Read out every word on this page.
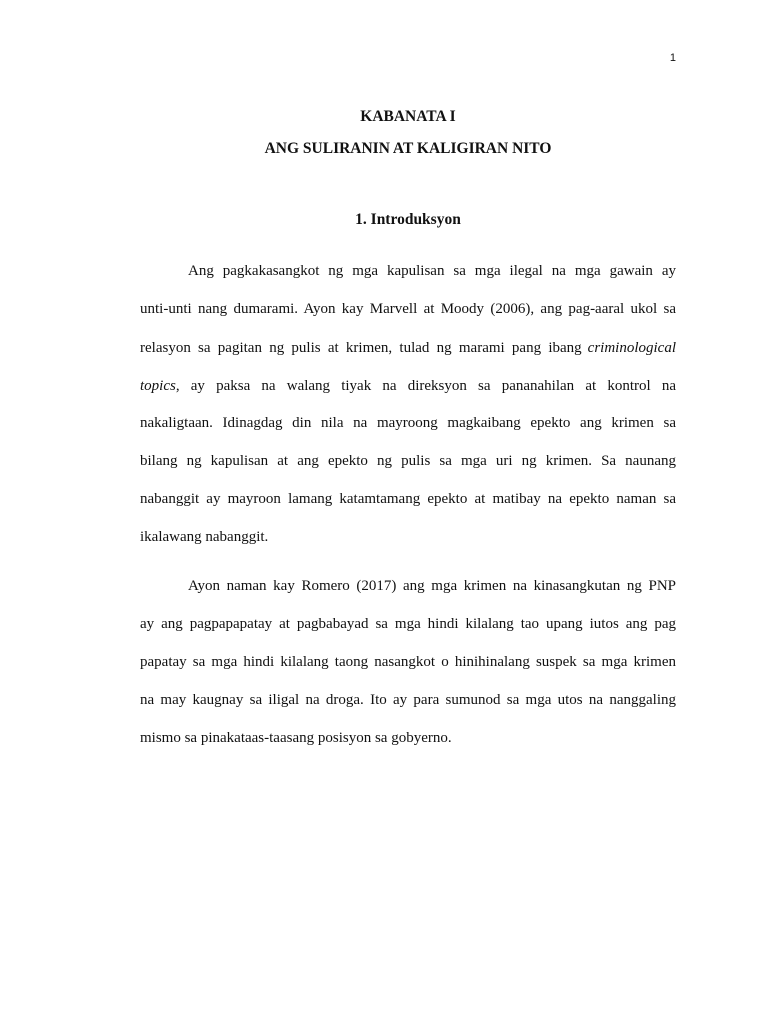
1
KABANATA I
ANG SULIRANIN AT KALIGIRAN NITO
1. Introduksyon
Ang pagkakasangkot ng mga kapulisan sa mga ilegal na mga gawain ay
unti-unti nang dumarami. Ayon kay Marvell at Moody (2006), ang pag-aaral ukol sa
relasyon sa pagitan ng pulis at krimen, tulad ng marami pang ibang criminological
topics , ay paksa na walang tiyak na direksyon sa pananahilan at kontrol na
nakaligtaan. Idinagdag din nila na mayroong magkaibang epekto ang krimen sa
bilang ng kapulisan at ang epekto ng pulis sa mga uri ng krimen. Sa naunang
nabanggit ay mayroon lamang katamtamang epekto at matibay na epekto naman sa
ikalawang nabanggit.
Ayon naman kay Romero (2017) ang mga krimen na kinasangkutan ng PNP
ay ang pagpapapatay at pagbabayad sa mga hindi kilalang tao upang iutos ang pag
papatay sa mga hindi kilalang taong nasangkot o hinihinalang suspek sa mga krimen
na may kaugnay sa iligal na droga. Ito ay para sumunod sa mga utos na nanggaling
mismo sa pinakataas-taasang posisyon sa gobyerno.
